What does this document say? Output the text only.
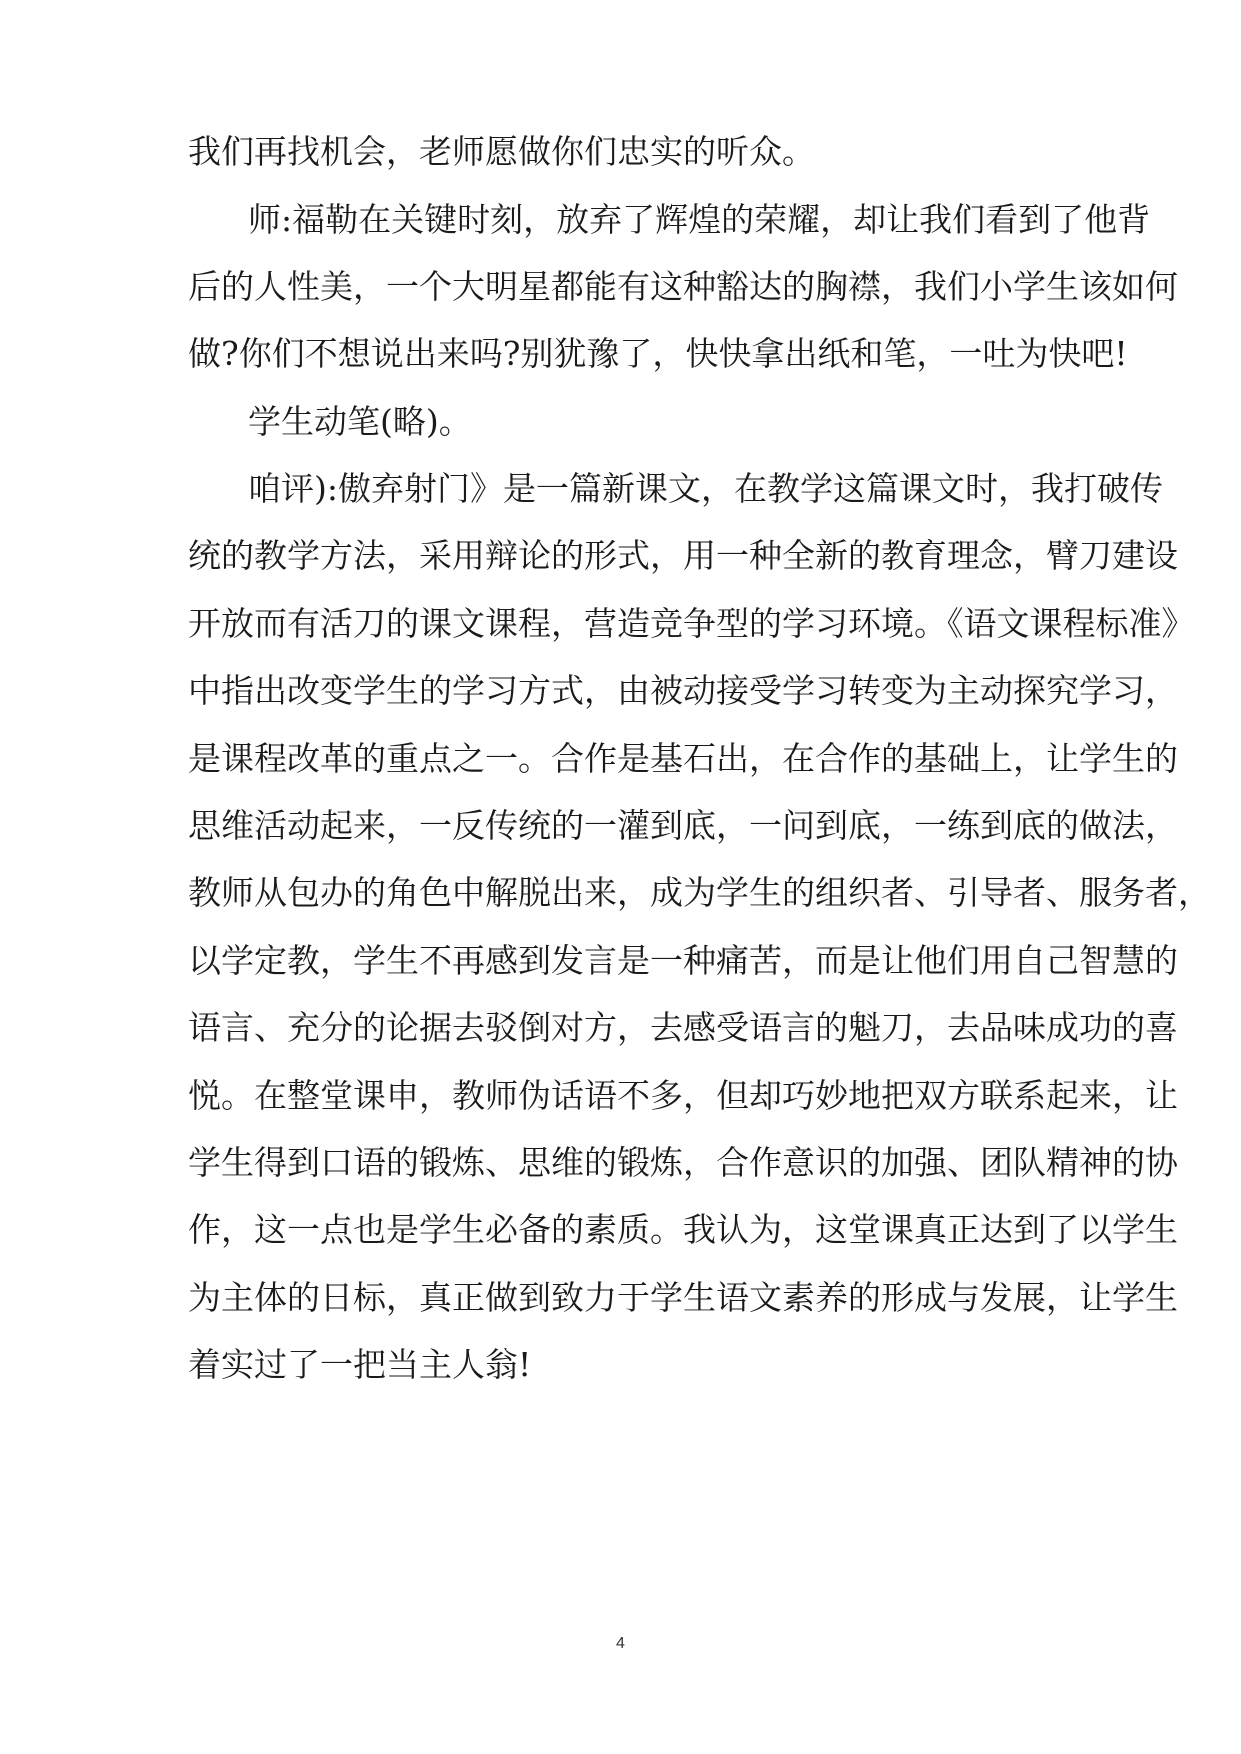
我们再找机会，老师愿做你们忠实的听众。
师:福勒在关键时刻，放弃了辉煌的荣耀，却让我们看到了他背
后的人性美，一个大明星都能有这种豁达的胸襟，我们小学生该如何
做?你们不想说出来吗?别犹豫了，快快拿出纸和笔，一吐为快吧!
学生动笔(略)。
咱评):傲弃射门》是一篇新课文，在教学这篇课文时，我打破传
统的教学方法，采用辩论的形式，用一种全新的教育理念，臂刀建设
开放而有活刀的课文课程，营造竞争型的学习环境。《语文课程标准》
中指出改变学生的学习方式，由被动接受学习转变为主动探究学习，
是课程改革的重点之一。合作是基石出，在合作的基础上，让学生的
思维活动起来，一反传统的一灌到底，一问到底，一练到底的做法，
教师从包办的角色中解脱出来，成为学生的组织者、引导者、服务者，
以学定教，学生不再感到发言是一种痛苦，而是让他们用自己智慧的
语言、充分的论据去驳倒对方，去感受语言的魁刀，去品味成功的喜
悦。在整堂课申，教师伪话语不多，但却巧妙地把双方联系起来，让
学生得到口语的锻炼、思维的锻炼，合作意识的加强、团队精神的协
作，这一点也是学生必备的素质。我认为，这堂课真正达到了以学生
为主体的日标，真正做到致力于学生语文素养的形成与发展，让学生
着实过了一把当主人翁!
4
